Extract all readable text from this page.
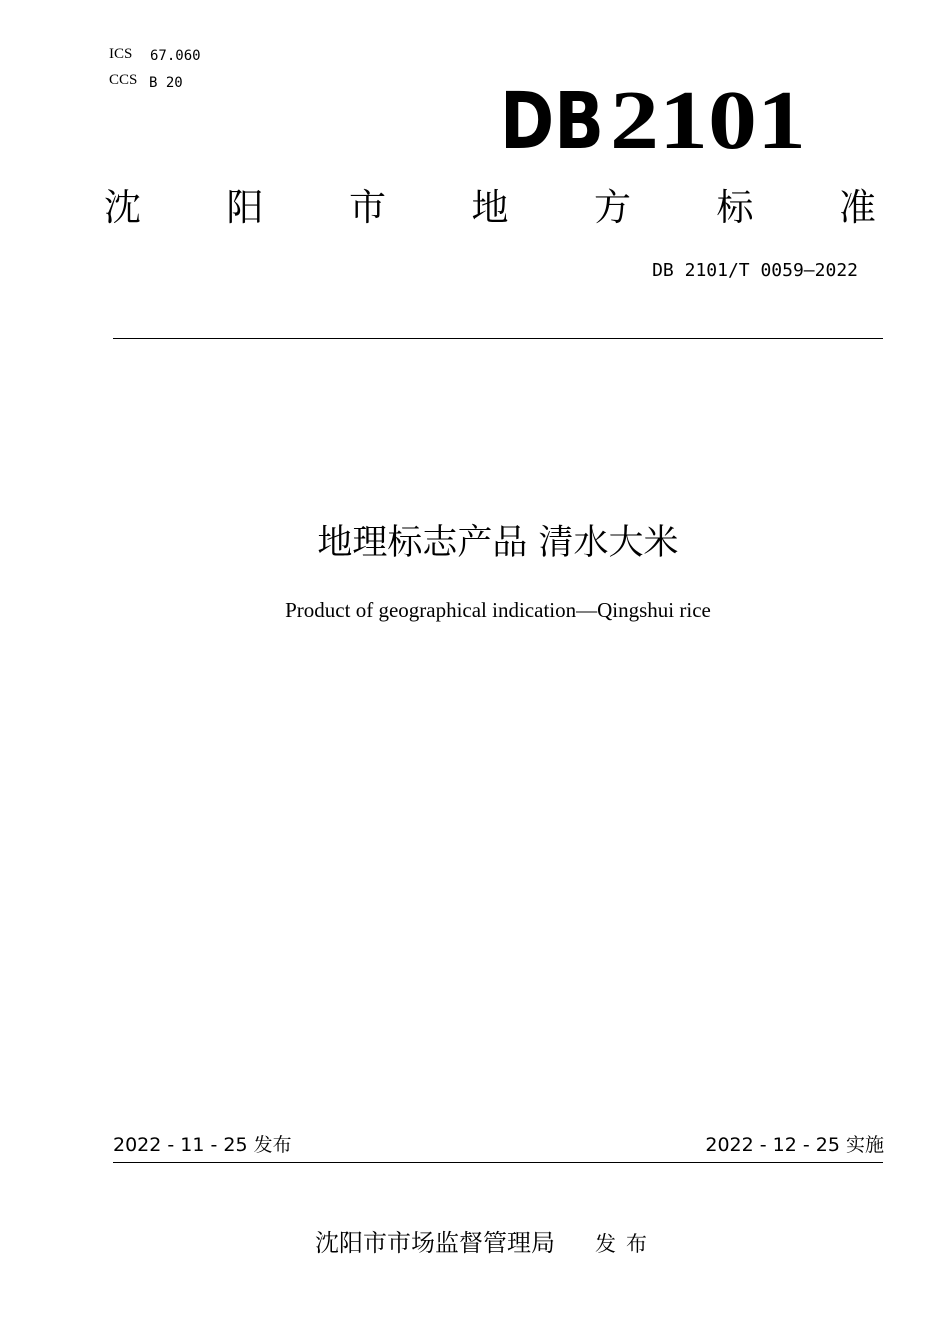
ICS 67.060
CCS B 20	DB 2101
沈 阳 市 地 方 标 准
DB 2101/T 0059—2022
地理标志产品 清水大米
Product of geographical indication—Qingshui rice
2022 - 11 - 25 发布	2022 - 12 - 25 实施
沈阳市市场监督管理局 发布
